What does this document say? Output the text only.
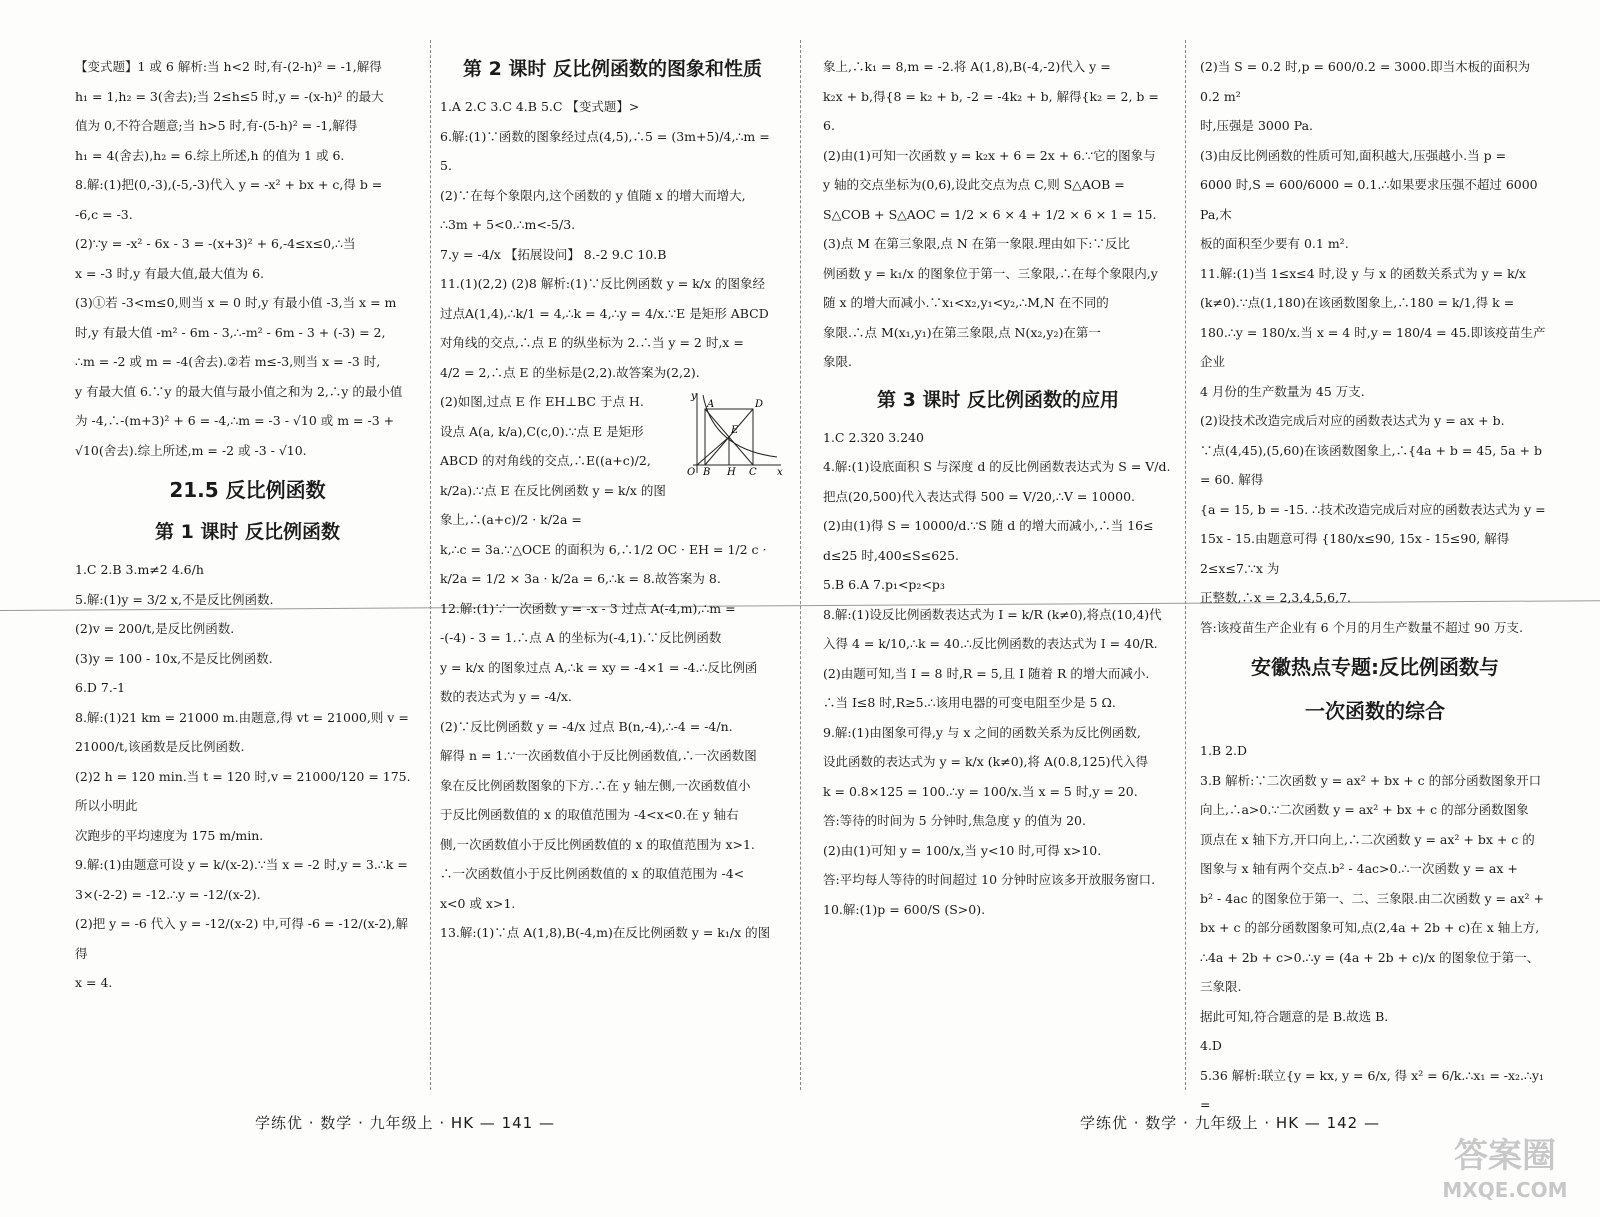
【变式题】1 或 6 解析:当 h<2 时,有-(2-h)² = -1,解得

h₁ = 1,h₂ = 3(舍去);当 2≤h≤5 时,y = -(x-h)² 的最大

值为 0,不符合题意;当 h>5 时,有-(5-h)² = -1,解得

h₁ = 4(舍去),h₂ = 6.综上所述,h 的值为 1 或 6.

8.解:(1)把(0,-3),(-5,-3)代入 y = -x² + bx + c,得 b =

-6,c = -3.

(2)∵y = -x² - 6x - 3 = -(x+3)² + 6,-4≤x≤0,∴当

x = -3 时,y 有最大值,最大值为 6.

(3)①若 -3<m≤0,则当 x = 0 时,y 有最小值 -3,当 x = m

时,y 有最大值 -m² - 6m - 3,∴-m² - 6m - 3 + (-3) = 2,

∴m = -2 或 m = -4(舍去).②若 m≤-3,则当 x = -3 时,

y 有最大值 6.∵y 的最大值与最小值之和为 2,∴y 的最小值

为 -4,∴-(m+3)² + 6 = -4,∴m = -3 - √10 或 m = -3 +

√10(舍去).综上所述,m = -2 或 -3 - √10.

21.5 反比例函数
第 1 课时 反比例函数

1.C 2.B 3.m≠2 4.6/h

5.解:(1)y = 3/2 x,不是反比例函数.

(2)v = 200/t,是反比例函数.

(3)y = 100 - 10x,不是反比例函数.

6.D 7.-1

8.解:(1)21 km = 21000 m.由题意,得 vt = 21000,则 v =

21000/t,该函数是反比例函数.

(2)2 h = 120 min.当 t = 120 时,v = 21000/120 = 175.所以小明此

次跑步的平均速度为 175 m/min.

9.解:(1)由题意可设 y = k/(x-2).∵当 x = -2 时,y = 3.∴k =

3×(-2-2) = -12.∴y = -12/(x-2).

(2)把 y = -6 代入 y = -12/(x-2) 中,可得 -6 = -12/(x-2),解得

x = 4.

第 2 课时 反比例函数的图象和性质

1.A 2.C 3.C 4.B 5.C 【变式题】>

6.解:(1)∵函数的图象经过点(4,5),∴5 = (3m+5)/4,∴m = 5.

(2)∵在每个象限内,这个函数的 y 值随 x 的增大而增大,

∴3m + 5<0.∴m<-5/3.

7.y = -4/x 【拓展设问】 8.-2 9.C 10.B

11.(1)(2,2) (2)8 解析:(1)∵反比例函数 y = k/x 的图象经

过点A(1,4),∴k/1 = 4,∴k = 4,∴y = 4/x.∵E 是矩形 ABCD

对角线的交点,∴点 E 的纵坐标为 2.∴当 y = 2 时,x =

4/2 = 2,∴点 E 的坐标是(2,2).故答案为(2,2).

y
A	D
E
O B H C x

(2)如图,过点 E 作 EH⊥BC 于点 H.

设点 A(a, k/a),C(c,0).∵点 E 是矩形

ABCD 的对角线的交点,∴E((a+c)/2,

k/2a).∵点 E 在反比例函数 y = k/x 的图象上,∴(a+c)/2 · k/2a =

k,∴c = 3a.∵△OCE 的面积为 6,∴1/2 OC · EH = 1/2 c ·

k/2a = 1/2 × 3a · k/2a = 6,∴k = 8.故答案为 8.

12.解:(1)∵一次函数 y = -x - 3 过点 A(-4,m),∴m =

-(-4) - 3 = 1.∴点 A 的坐标为(-4,1).∵反比例函数

y = k/x 的图象过点 A,∴k = xy = -4×1 = -4.∴反比例函

数的表达式为 y = -4/x.

(2)∵反比例函数 y = -4/x 过点 B(n,-4),∴-4 = -4/n.

解得 n = 1.∵一次函数值小于反比例函数值,∴一次函数图

象在反比例函数图象的下方.∴在 y 轴左侧,一次函数值小

于反比例函数值的 x 的取值范围为 -4<x<0.在 y 轴右

侧,一次函数值小于反比例函数值的 x 的取值范围为 x>1.

∴一次函数值小于反比例函数值的 x 的取值范围为 -4<

x<0 或 x>1.

13.解:(1)∵点 A(1,8),B(-4,m)在反比例函数 y = k₁/x 的图

象上,∴k₁ = 8,m = -2.将 A(1,8),B(-4,-2)代入 y =

k₂x + b,得{8 = k₂ + b, -2 = -4k₂ + b, 解得{k₂ = 2, b = 6.

(2)由(1)可知一次函数 y = k₂x + 6 = 2x + 6.∵它的图象与

y 轴的交点坐标为(0,6),设此交点为点 C,则 S△AOB =

S△COB + S△AOC = 1/2 × 6 × 4 + 1/2 × 6 × 1 = 15.

(3)点 M 在第三象限,点 N 在第一象限.理由如下:∵反比

例函数 y = k₁/x 的图象位于第一、三象限,∴在每个象限内,y

随 x 的增大而减小.∵x₁<x₂,y₁<y₂,∴M,N 在不同的

象限.∴点 M(x₁,y₁)在第三象限,点 N(x₂,y₂)在第一

象限.

第 3 课时 反比例函数的应用

1.C 2.320 3.240

4.解:(1)设底面积 S 与深度 d 的反比例函数表达式为 S = V/d.

把点(20,500)代入表达式得 500 = V/20,∴V = 10000.

(2)由(1)得 S = 10000/d.∵S 随 d 的增大而减小,∴当 16≤

d≤25 时,400≤S≤625.

5.B 6.A 7.p₁<p₂<p₃

8.解:(1)设反比例函数表达式为 I = k/R (k≠0),将点(10,4)代

入得 4 = k/10,∴k = 40.∴反比例函数的表达式为 I = 40/R.

(2)由题可知,当 I = 8 时,R = 5,且 I 随着 R 的增大而减小.

∴当 I≤8 时,R≥5.∴该用电器的可变电阻至少是 5 Ω.

9.解:(1)由图象可得,y 与 x 之间的函数关系为反比例函数,

设此函数的表达式为 y = k/x (k≠0),将 A(0.8,125)代入得

k = 0.8×125 = 100.∴y = 100/x.当 x = 5 时,y = 20.

答:等待的时间为 5 分钟时,焦急度 y 的值为 20.

(2)由(1)可知 y = 100/x,当 y<10 时,可得 x>10.

答:平均每人等待的时间超过 10 分钟时应该多开放服务窗口.

10.解:(1)p = 600/S (S>0).

(2)当 S = 0.2 时,p = 600/0.2 = 3000.即当木板的面积为 0.2 m²

时,压强是 3000 Pa.

(3)由反比例函数的性质可知,面积越大,压强越小.当 p =

6000 时,S = 600/6000 = 0.1.∴如果要求压强不超过 6000 Pa,木

板的面积至少要有 0.1 m².

11.解:(1)当 1≤x≤4 时,设 y 与 x 的函数关系式为 y = k/x

(k≠0).∵点(1,180)在该函数图象上,∴180 = k/1,得 k =

180.∴y = 180/x.当 x = 4 时,y = 180/4 = 45.即该疫苗生产企业

4 月份的生产数量为 45 万支.

(2)设技术改造完成后对应的函数表达式为 y = ax + b.

∵点(4,45),(5,60)在该函数图象上,∴{4a + b = 45, 5a + b = 60. 解得

{a = 15, b = -15. ∴技术改造完成后对应的函数表达式为 y =

15x - 15.由题意可得 {180/x≤90, 15x - 15≤90, 解得 2≤x≤7.∵x 为

正整数,∴x = 2,3,4,5,6,7.

答:该疫苗生产企业有 6 个月的月生产数量不超过 90 万支.

安徽热点专题:反比例函数与
一次函数的综合

1.B 2.D

3.B 解析:∵二次函数 y = ax² + bx + c 的部分函数图象开口

向上,∴a>0.∵二次函数 y = ax² + bx + c 的部分函数图象

顶点在 x 轴下方,开口向上,∴二次函数 y = ax² + bx + c 的

图象与 x 轴有两个交点.b² - 4ac>0.∴一次函数 y = ax +

b² - 4ac 的图象位于第一、二、三象限.由二次函数 y = ax² +

bx + c 的部分函数图象可知,点(2,4a + 2b + c)在 x 轴上方,

∴4a + 2b + c>0.∴y = (4a + 2b + c)/x 的图象位于第一、三象限.

据此可知,符合题意的是 B.故选 B.

4.D

5.36 解析:联立{y = kx, y = 6/x, 得 x² = 6/k.∴x₁ = -x₂.∴y₁ =

学练优 · 数学 · 九年级上 · HK — 141 —	学练优 · 数学 · 九年级上 · HK — 142 —
答案圈
MXQE.COM
